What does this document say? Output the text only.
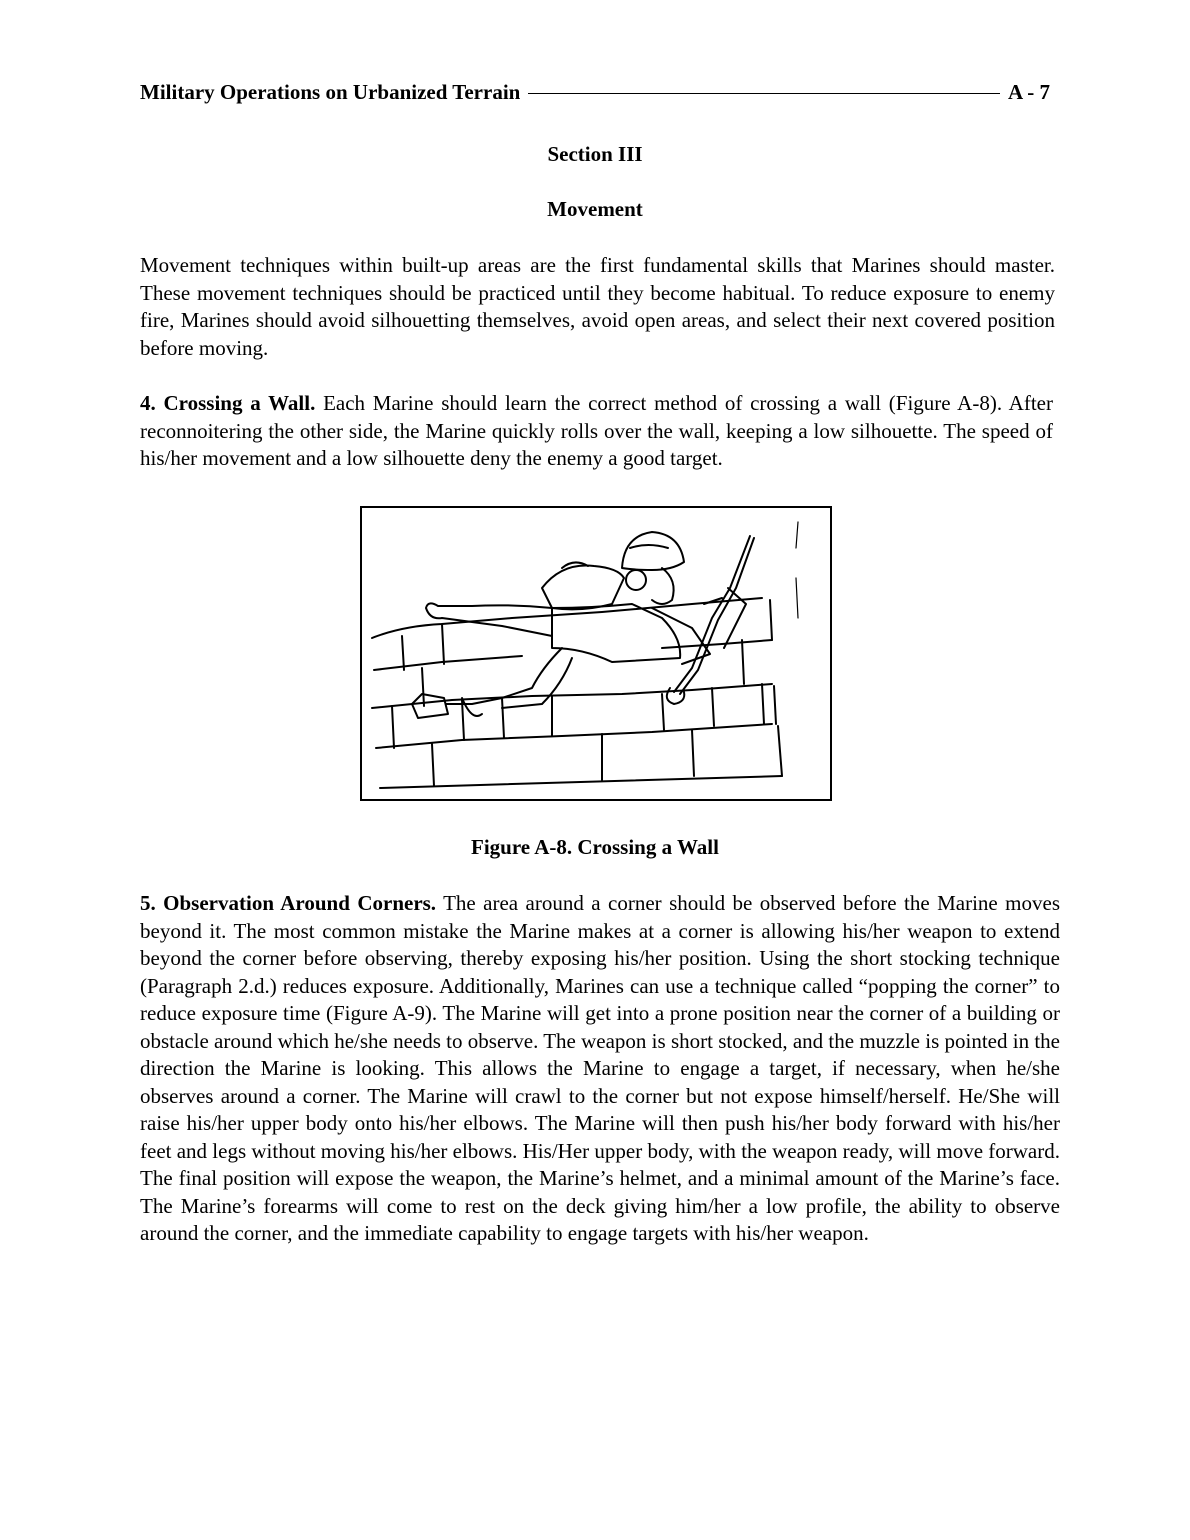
Military Operations on Urbanized Terrain	A - 7
Section III
Movement

Movement techniques within built-up areas are the first fundamental skills that Marines should master. These movement techniques should be practiced until they become habitual. To reduce exposure to enemy fire, Marines should avoid silhouetting themselves, avoid open areas, and select their next covered position before moving.

4. Crossing a Wall. Each Marine should learn the correct method of crossing a wall (Figure A-8). After reconnoitering the other side, the Marine quickly rolls over the wall, keeping a low silhouette. The speed of his/her movement and a low silhouette deny the enemy a good target.

Figure A-8. Crossing a Wall

5. Observation Around Corners. The area around a corner should be observed before the Marine moves beyond it. The most common mistake the Marine makes at a corner is allowing his/her weapon to extend beyond the corner before observing, thereby exposing his/her position. Using the short stocking technique (Paragraph 2.d.) reduces exposure. Additionally, Marines can use a technique called “popping the corner” to reduce exposure time (Figure A-9). The Marine will get into a prone position near the corner of a building or obstacle around which he/she needs to observe. The weapon is short stocked, and the muzzle is pointed in the direction the Marine is looking. This allows the Marine to engage a target, if necessary, when he/she observes around a corner. The Marine will crawl to the corner but not expose himself/herself. He/She will raise his/her upper body onto his/her elbows. The Marine will then push his/her body forward with his/her feet and legs without moving his/her elbows. His/Her upper body, with the weapon ready, will move forward. The final position will expose the weapon, the Marine’s helmet, and a minimal amount of the Marine’s face. The Marine’s forearms will come to rest on the deck giving him/her a low profile, the ability to observe around the corner, and the immediate capability to engage targets with his/her weapon.
